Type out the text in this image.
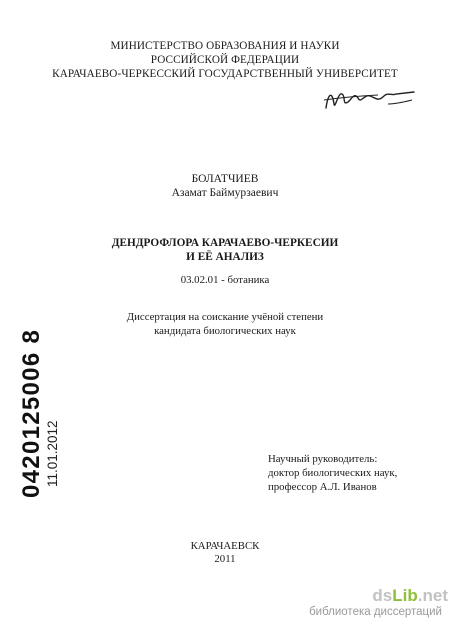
МИНИСТЕРСТВО ОБРАЗОВАНИЯ И НАУКИ
РОССИЙСКОЙ ФЕДЕРАЦИИ
КАРАЧАЕВО-ЧЕРКЕССКИЙ ГОСУДАРСТВЕННЫЙ УНИВЕРСИТЕТ
БОЛАТЧИЕВ
Азамат Баймурзаевич
ДЕНДРОФЛОРА КАРАЧАЕВО-ЧЕРКЕСИИ
И ЕЁ АНАЛИЗ
03.02.01 - ботаника
Диссертация на соискание учёной степени
кандидата биологических наук
0420125006 8 11.01.2012	Научный руководитель:
доктор биологических наук,
профессор А.Л. Иванов
КАРАЧАЕВСК
2011
dsLib.net
библиотека диссертаций
